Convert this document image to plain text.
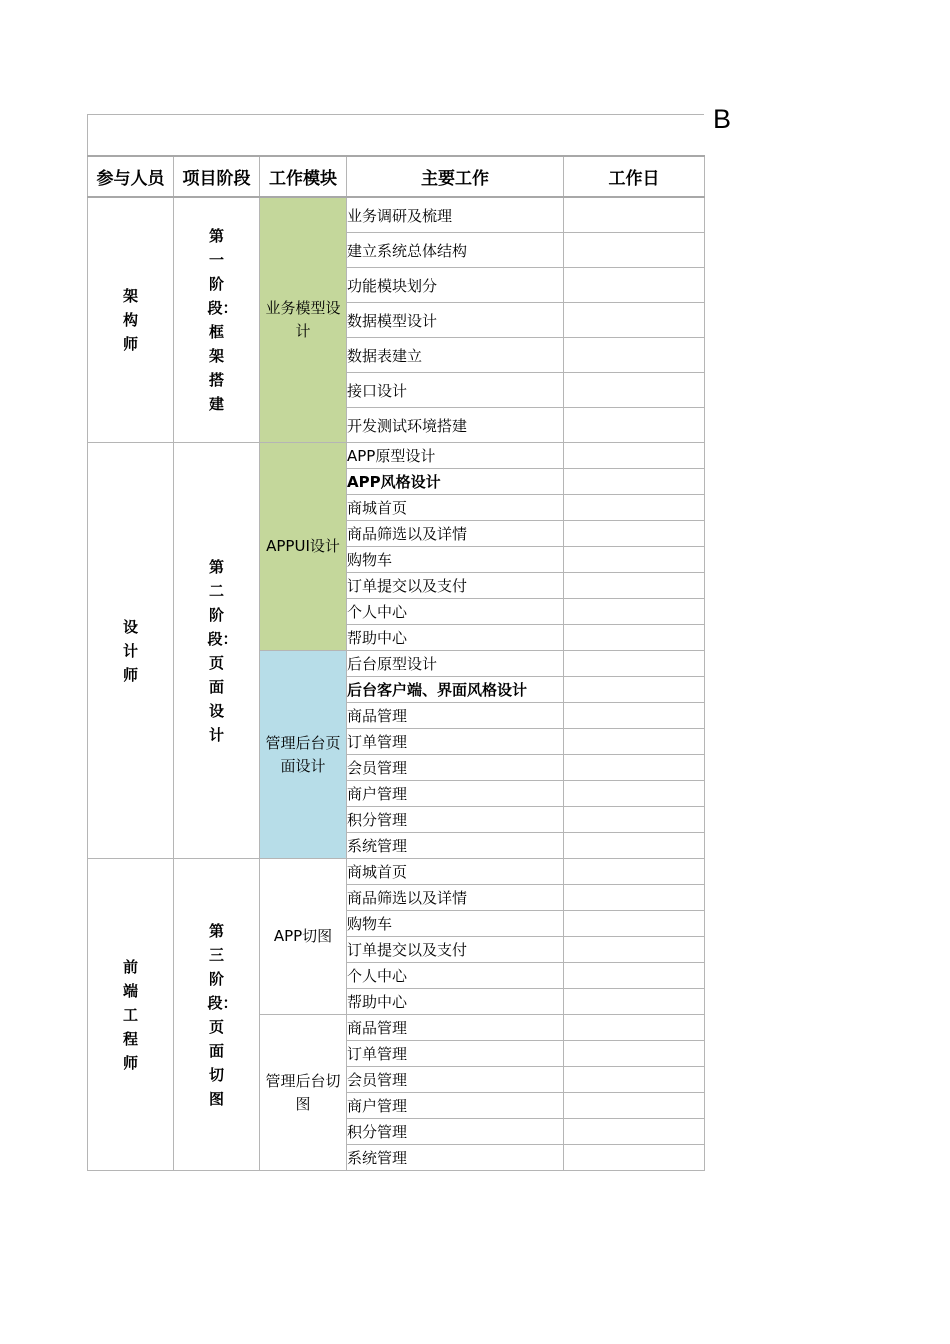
B
参与人员	项目阶段	工作模块	主要工作	工作日

架构师	第一阶段：框架搭建	业务模型设计	业务调研及梳理	
			建立系统总体结构	
			功能模块划分	
			数据模型设计	
			数据表建立	
			接口设计	
			开发测试环境搭建	

设计师	第二阶段：页面设计	APPUI设计	APP原型设计	
			APP风格设计	
			商城首页	
			商品筛选以及详情	
			购物车	
			订单提交以及支付	
			个人中心	
			帮助中心	

		管理后台页面设计	后台原型设计	
			后台客户端、界面风格设计	
			商品管理	
			订单管理	
			会员管理	
			商户管理	
			积分管理	
			系统管理	

前端工程师	第三阶段：页面切图	APP切图	商城首页	
			商品筛选以及详情	
			购物车	
			订单提交以及支付	
			个人中心	
			帮助中心	

		管理后台切图	商品管理	
			订单管理	
			会员管理	
			商户管理	
			积分管理	
			系统管理	
